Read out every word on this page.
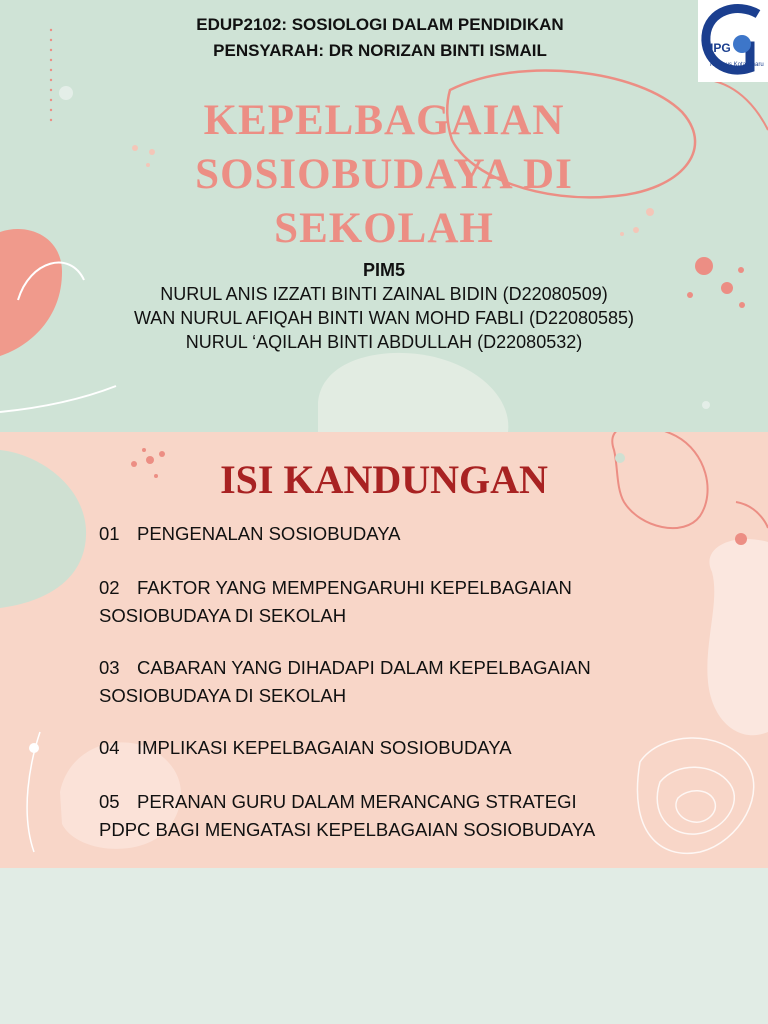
EDUP2102: SOSIOLOGI DALAM PENDIDIKAN
PENSYARAH: DR NORIZAN BINTI ISMAIL	IPG
Kampus Kota Bharu
KEPELBAGAIAN
SOSIOBUDAYA DI
SEKOLAH
PIM5
NURUL ANIS IZZATI BINTI ZAINAL BIDIN (D22080509)
WAN NURUL AFIQAH BINTI WAN MOHD FABLI (D22080585)
NURUL ‘AQILAH BINTI ABDULLAH (D22080532)
ISI KANDUNGAN
01 PENGENALAN SOSIOBUDAYA
02 FAKTOR YANG MEMPENGARUHI KEPELBAGAIAN
SOSIOBUDAYA DI SEKOLAH
03 CABARAN YANG DIHADAPI DALAM KEPELBAGAIAN
SOSIOBUDAYA DI SEKOLAH
04 IMPLIKASI KEPELBAGAIAN SOSIOBUDAYA
05 PERANAN GURU DALAM MERANCANG STRATEGI
PDPC BAGI MENGATASI KEPELBAGAIAN SOSIOBUDAYA
